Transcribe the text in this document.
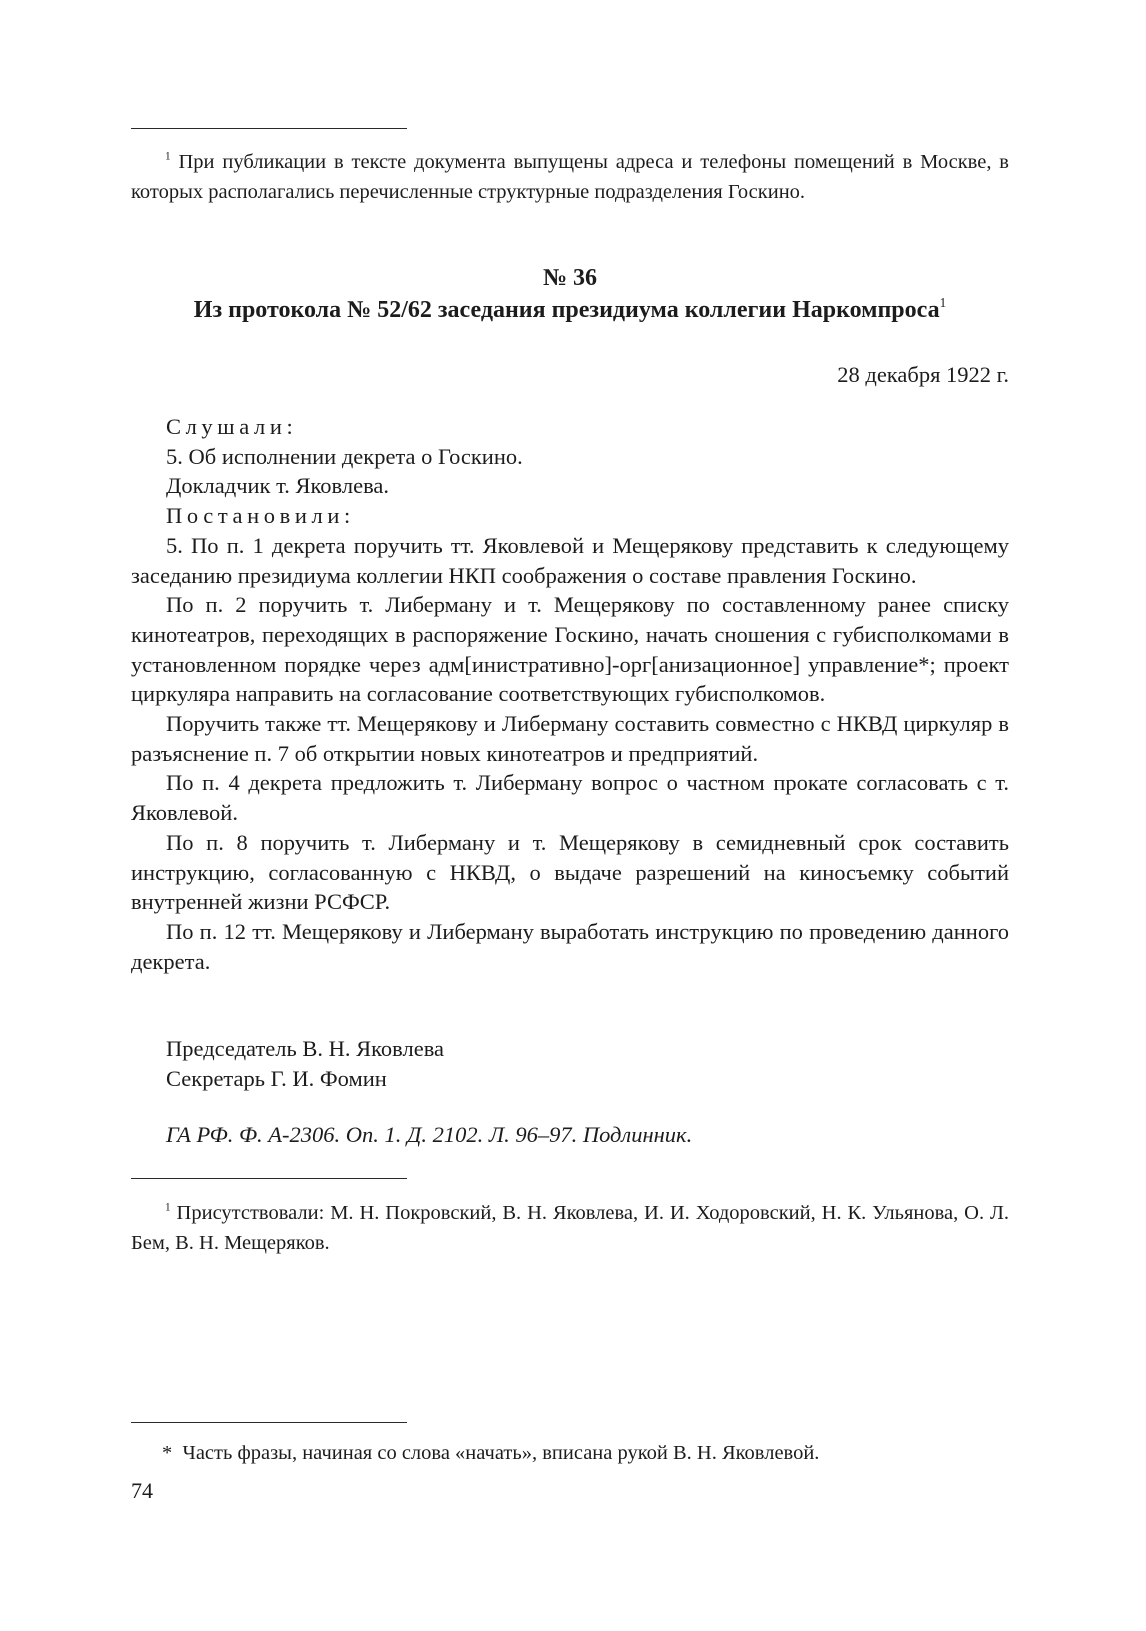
$^1$ При публикации в тексте документа выпущены адреса и телефоны помещений в Москве, в которых располагались перечисленные структурные подразделения Госкино.
№ 36
Из протокола № 52/62 заседания президиума коллегии Наркомпроса$^1$
28 декабря 1922 г.

Слушали:

5. Об исполнении декрета о Госкино.

Докладчик т. Яковлева.

Постановили:

5. По п. 1 декрета поручить тт. Яковлевой и Мещерякову представить к следующему заседанию президиума коллегии НКП соображения о составе правления Госкино.

По п. 2 поручить т. Либерману и т. Мещерякову по составленному ранее списку кинотеатров, переходящих в распоряжение Госкино, начать сношения с губисполкомами в установленном порядке через адм[инистративно]-орг[анизационное] управление*; проект циркуляра направить на согласование соответствующих губисполкомов.

Поручить также тт. Мещерякову и Либерману составить совместно с НКВД циркуляр в разъяснение п. 7 об открытии новых кинотеатров и предприятий.

По п. 4 декрета предложить т. Либерману вопрос о частном прокате согласовать с т. Яковлевой.

По п. 8 поручить т. Либерману и т. Мещерякову в семидневный срок составить инструкцию, согласованную с НКВД, о выдаче разрешений на киносъемку событий внутренней жизни РСФСР.

По п. 12 тт. Мещерякову и Либерману выработать инструкцию по проведению данного декрета.

Председатель В. Н. Яковлева
Секретарь Г. И. Фомин
ГА РФ. Ф. А-2306. Оп. 1. Д. 2102. Л. 96–97. Подлинник.
$^1$ Присутствовали: М. Н. Покровский, В. Н. Яковлева, И. И. Ходоровский, Н. К. Ульянова, О. Л. Бем, В. Н. Мещеряков.
* Часть фразы, начиная со слова «начать», вписана рукой В. Н. Яковлевой.
74
